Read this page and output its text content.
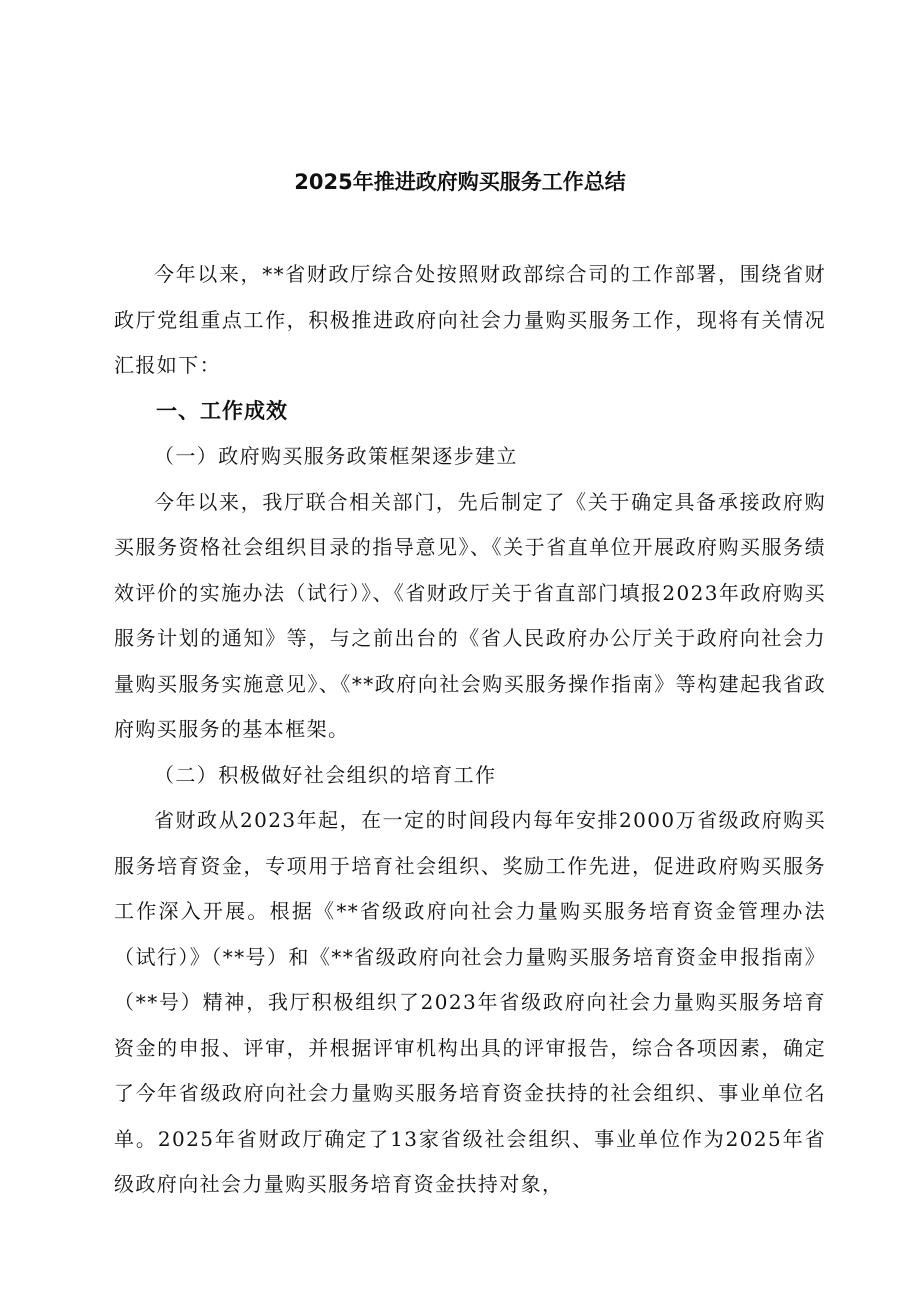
2025年推进政府购买服务工作总结

今年以来，**省财政厅综合处按照财政部综合司的工作部署，围绕省财政厅党组重点工作，积极推进政府向社会力量购买服务工作，现将有关情况汇报如下：

一、工作成效

（一）政府购买服务政策框架逐步建立

今年以来，我厅联合相关部门，先后制定了《关于确定具备承接政府购买服务资格社会组织目录的指导意见》、《关于省直单位开展政府购买服务绩效评价的实施办法（试行）》、《省财政厅关于省直部门填报2023年政府购买服务计划的通知》等，与之前出台的《省人民政府办公厅关于政府向社会力量购买服务实施意见》、《**政府向社会购买服务操作指南》等构建起我省政府购买服务的基本框架。

（二）积极做好社会组织的培育工作

省财政从2023年起，在一定的时间段内每年安排2000万省级政府购买服务培育资金，专项用于培育社会组织、奖励工作先进，促进政府购买服务工作深入开展。根据《**省级政府向社会力量购买服务培育资金管理办法（试行）》（**号）和《**省级政府向社会力量购买服务培育资金申报指南》（**号）精神，我厅积极组织了2023年省级政府向社会力量购买服务培育资金的申报、评审，并根据评审机构出具的评审报告，综合各项因素，确定了今年省级政府向社会力量购买服务培育资金扶持的社会组织、事业单位名单。2025年省财政厅确定了13家省级社会组织、事业单位作为2025年省级政府向社会力量购买服务培育资金扶持对象，
